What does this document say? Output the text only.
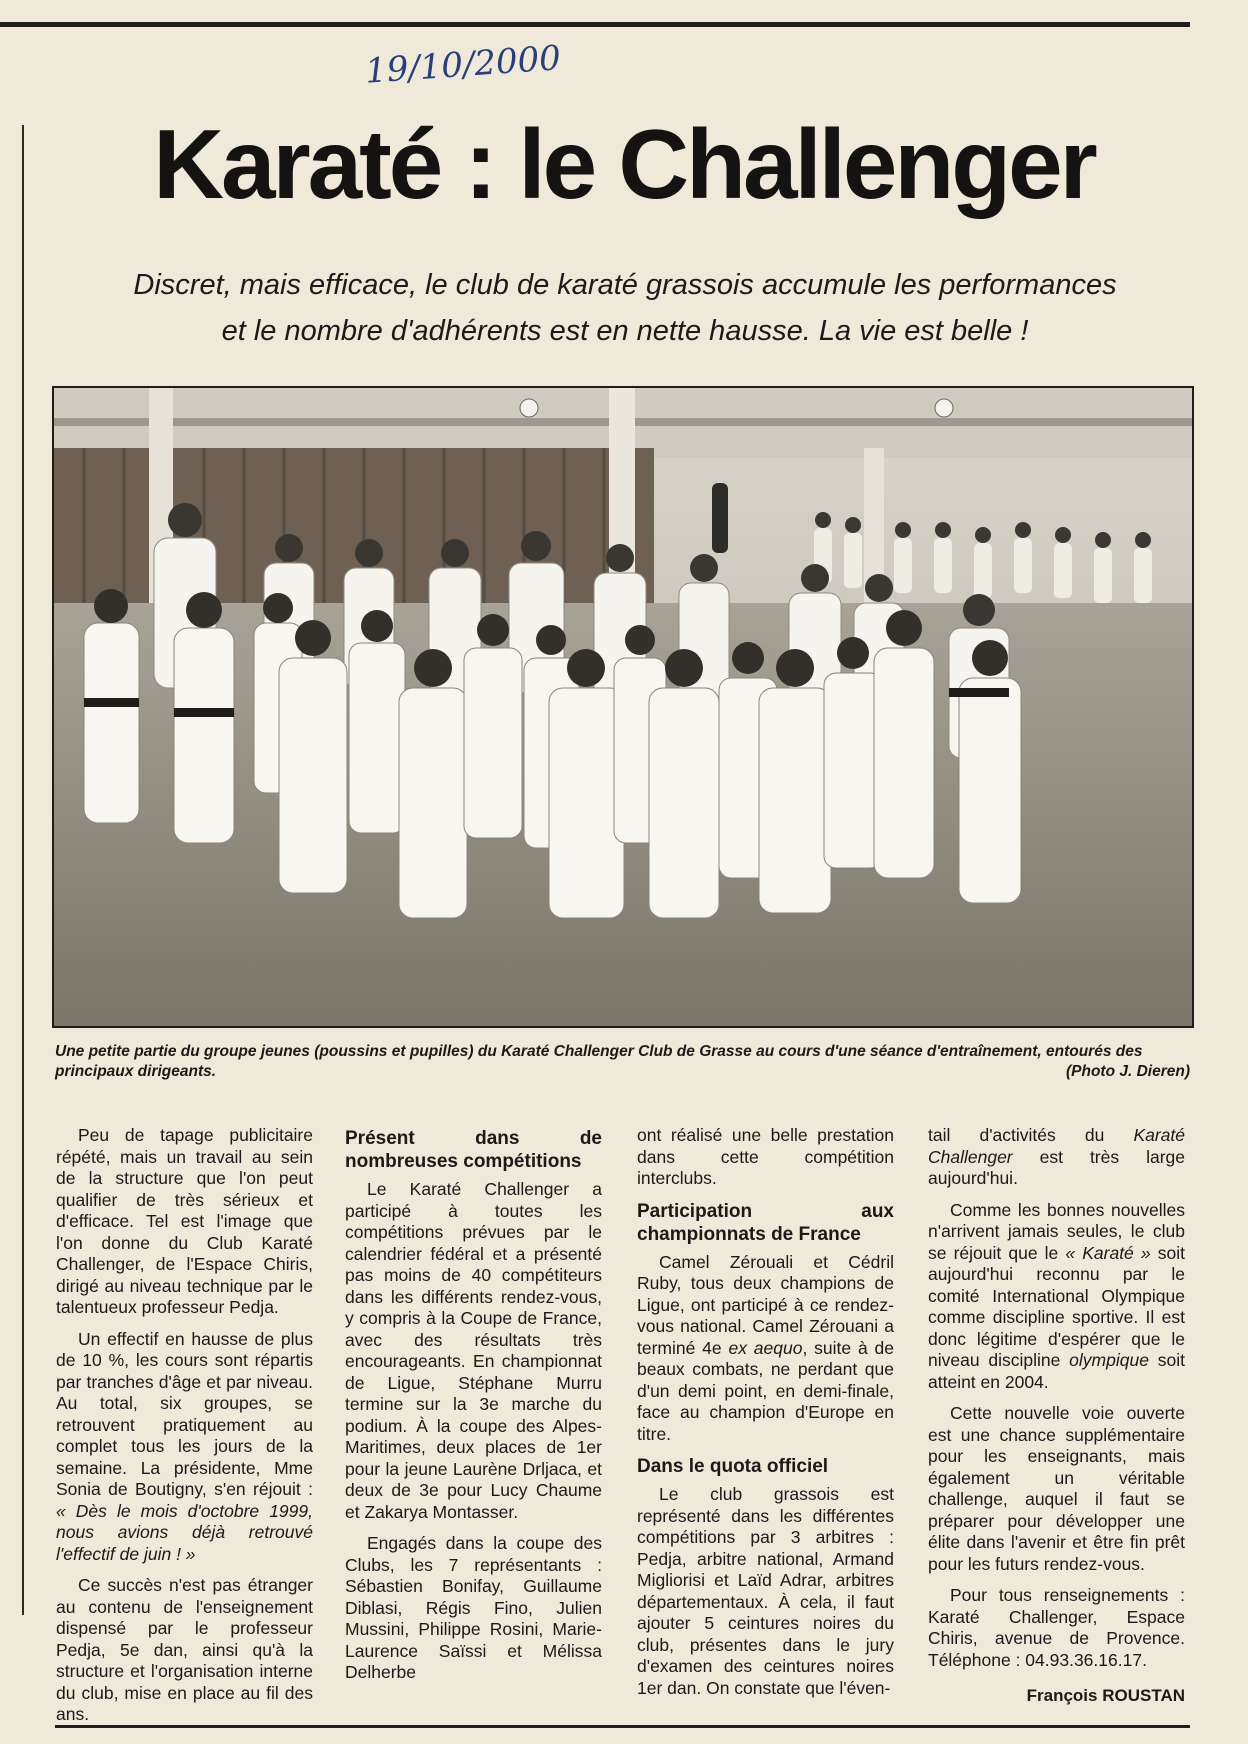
19/10/2000
Karaté : le Challenger
Discret, mais efficace, le club de karaté grassois accumule les performances et le nombre d'adhérents est en nette hausse. La vie est belle !
Une petite partie du groupe jeunes (poussins et pupilles) du Karaté Challenger Club de Grasse au cours d'une séance d'entraînement, entourés des principaux dirigeants.	(Photo J. Dieren)

Peu de tapage publicitaire répété, mais un travail au sein de la structure que l'on peut qualifier de très sérieux et d'efficace. Tel est l'image que l'on donne du Club Karaté Challenger, de l'Espace Chiris, dirigé au niveau technique par le talentueux professeur Pedja.

Un effectif en hausse de plus de 10 %, les cours sont répartis par tranches d'âge et par niveau. Au total, six groupes, se retrouvent pratiquement au complet tous les jours de la semaine. La présidente, Mme Sonia de Boutigny, s'en réjouit : « Dès le mois d'octobre 1999, nous avions déjà retrouvé l'effectif de juin ! »

Ce succès n'est pas étranger au contenu de l'enseignement dispensé par le professeur Pedja, 5e dan, ainsi qu'à la structure et l'organisation interne du club, mise en place au fil des ans.

Présent dans de nombreuses compétitions

Le Karaté Challenger a participé à toutes les compétitions prévues par le calendrier fédéral et a présenté pas moins de 40 compétiteurs dans les différents rendez-vous, y compris à la Coupe de France, avec des résultats très encourageants. En championnat de Ligue, Stéphane Murru termine sur la 3e marche du podium. À la coupe des Alpes-Maritimes, deux places de 1er pour la jeune Laurène Drljaca, et deux de 3e pour Lucy Chaume et Zakarya Montasser.

Engagés dans la coupe des Clubs, les 7 représentants : Sébastien Bonifay, Guillaume Diblasi, Régis Fino, Julien Mussini, Philippe Rosini, Marie-Laurence Saïssi et Mélissa Delherbe

ont réalisé une belle prestation dans cette compétition interclubs.

Participation aux championnats de France

Camel Zérouali et Cédril Ruby, tous deux champions de Ligue, ont participé à ce rendez-vous national. Camel Zérouani a terminé 4e ex aequo, suite à de beaux combats, ne perdant que d'un demi point, en demi-finale, face au champion d'Europe en titre.

Dans le quota officiel

Le club grassois est représenté dans les différentes compétitions par 3 arbitres : Pedja, arbitre national, Armand Migliorisi et Laïd Adrar, arbitres départementaux. À cela, il faut ajouter 5 ceintures noires du club, présentes dans le jury d'examen des ceintures noires 1er dan. On constate que l'éven-

tail d'activités du Karaté Challenger est très large aujourd'hui.

Comme les bonnes nouvelles n'arrivent jamais seules, le club se réjouit que le « Karaté » soit aujourd'hui reconnu par le comité International Olympique comme discipline sportive. Il est donc légitime d'espérer que le niveau discipline olympique soit atteint en 2004.

Cette nouvelle voie ouverte est une chance supplémentaire pour les enseignants, mais également un véritable challenge, auquel il faut se préparer pour développer une élite dans l'avenir et être fin prêt pour les futurs rendez-vous.

Pour tous renseignements : Karaté Challenger, Espace Chiris, avenue de Provence. Téléphone : 04.93.36.16.17.

François ROUSTAN
